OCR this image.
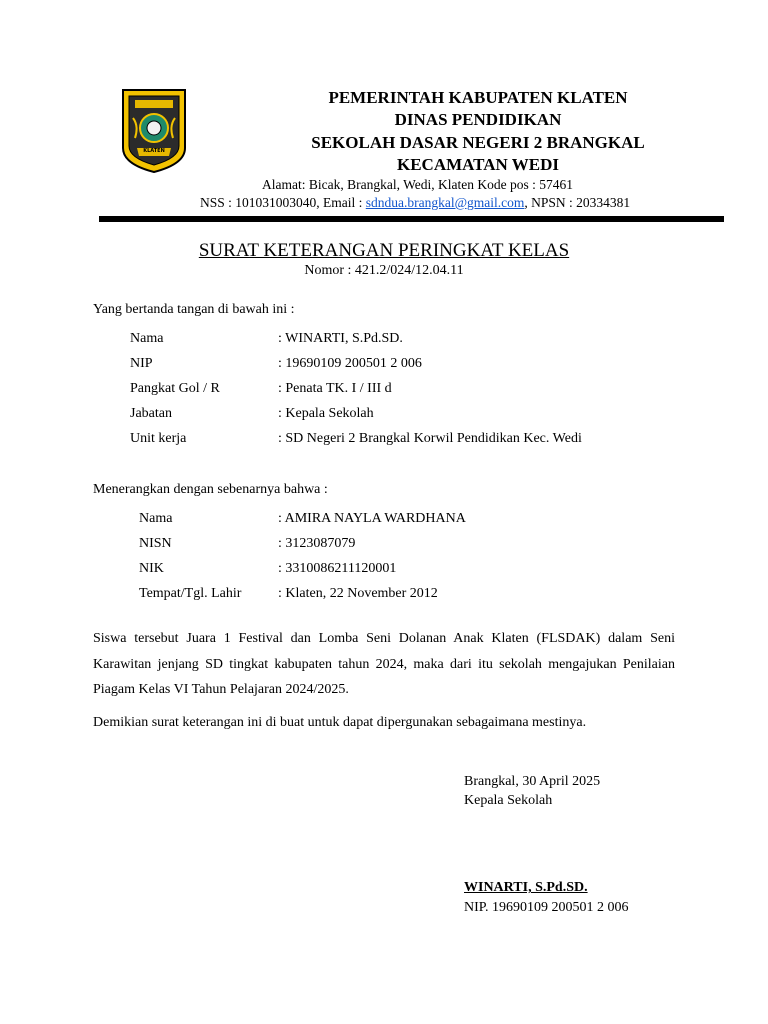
KLATEN
PEMERINTAH KABUPATEN KLATEN
DINAS PENDIDIKAN
SEKOLAH DASAR NEGERI 2 BRANGKAL
KECAMATAN WEDI
Alamat: Bicak, Brangkal, Wedi, Klaten Kode pos : 57461
NSS : 101031003040, Email : sdndua.brangkal@gmail.com, NPSN : 20334381
SURAT KETERANGAN PERINGKAT KELAS
Nomor : 421.2/024/12.04.11
Yang bertanda tangan di bawah ini :
Nama	: WINARTI, S.Pd.SD.
NIP	: 19690109 200501 2 006
Pangkat Gol / R	: Penata TK. I / III d
Jabatan	: Kepala Sekolah
Unit kerja	: SD Negeri 2 Brangkal Korwil Pendidikan Kec. Wedi
Menerangkan dengan sebenarnya bahwa :
Nama	: AMIRA NAYLA WARDHANA
NISN	: 3123087079
NIK	: 3310086211120001
Tempat/Tgl. Lahir	: Klaten, 22 November 2012
Siswa tersebut Juara 1 Festival dan Lomba Seni Dolanan Anak Klaten (FLSDAK) dalam Seni Karawitan jenjang SD tingkat kabupaten tahun 2024, maka dari itu sekolah mengajukan Penilaian Piagam Kelas VI Tahun Pelajaran 2024/2025.
Demikian surat keterangan ini di buat untuk dapat dipergunakan sebagaimana mestinya.
Brangkal, 30 April 2025
Kepala Sekolah
WINARTI, S.Pd.SD.
NIP. 19690109 200501 2 006
